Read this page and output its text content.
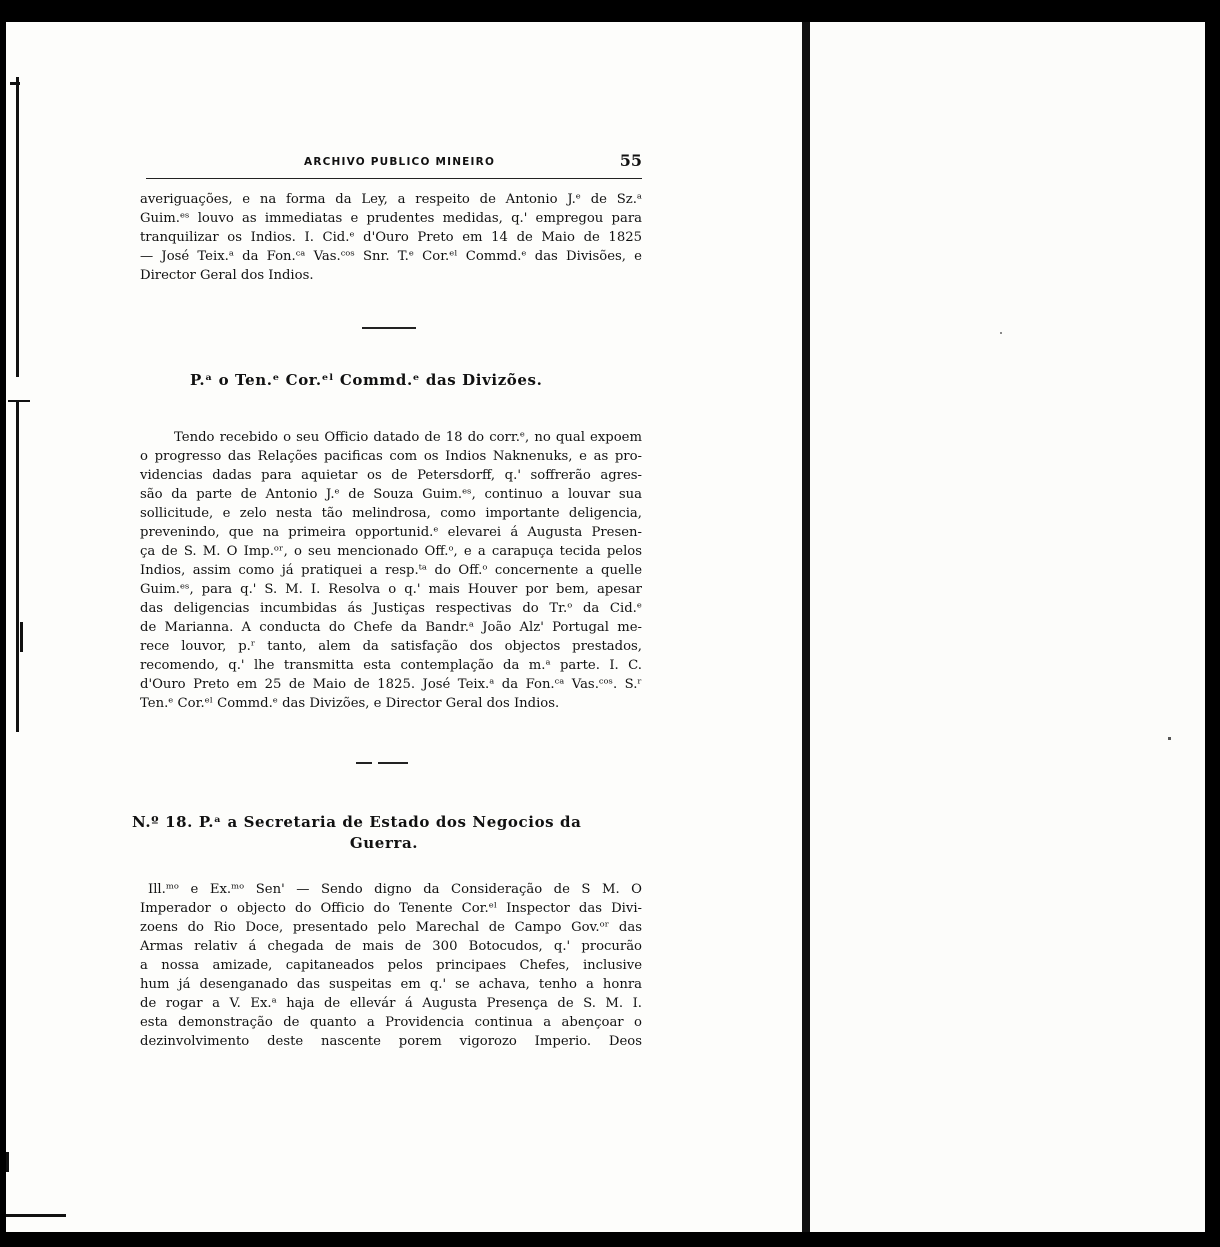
ARCHIVO PUBLICO MINEIRO	55

averiguações, e na forma da Ley, a respeito de Antonio J.ᵉ de Sz.ᵃ
Guim.ᵉˢ louvo as immediatas e prudentes medidas, q.' empregou para
tranquilizar os Indios. I. Cid.ᵉ d'Ouro Preto em 14 de Maio de 1825
— José Teix.ᵃ da Fon.ᶜᵃ Vas.ᶜᵒˢ Snr. T.ᵉ Cor.ᵉˡ Commd.ᵉ das Divisões, e
Director Geral dos Indios.

P.ᵃ o Ten.ᵉ Cor.ᵉˡ Commd.ᵉ das Divizões.

Tendo recebido o seu Officio datado de 18 do corr.ᵉ, no qual expoem
o progresso das Relações pacificas com os Indios Naknenuks, e as pro-
videncias dadas para aquietar os de Petersdorff, q.' soffrerão agres-
são da parte de Antonio J.ᵉ de Souza Guim.ᵉˢ, continuo a louvar sua
sollicitude, e zelo nesta tão melindrosa, como importante deligencia,
prevenindo, que na primeira opportunid.ᵉ elevarei á Augusta Presen-
ça de S. M. O Imp.ᵒʳ, o seu mencionado Off.ᵒ, e a carapuça tecida pelos
Indios, assim como já pratiquei a resp.ᵗᵃ do Off.ᵒ concernente a quelle
Guim.ᵉˢ, para q.' S. M. I. Resolva o q.' mais Houver por bem, apesar
das deligencias incumbidas ás Justiças respectivas do Tr.ᵒ da Cid.ᵉ
de Marianna. A conducta do Chefe da Bandr.ᵃ João Alz' Portugal me-
rece louvor, p.ʳ tanto, alem da satisfação dos objectos prestados,
recomendo, q.' lhe transmitta esta contemplação da m.ᵃ parte. I. C.
d'Ouro Preto em 25 de Maio de 1825. José Teix.ᵃ da Fon.ᶜᵃ Vas.ᶜᵒˢ. S.ʳ
Ten.ᵉ Cor.ᵉˡ Commd.ᵉ das Divizões, e Director Geral dos Indios.

N.º 18. P.ᵃ a Secretaria de Estado dos Negocios da
Guerra.

Ill.ᵐᵒ e Ex.ᵐᵒ Sen' — Sendo digno da Consideração de S M. O
Imperador o objecto do Officio do Tenente Cor.ᵉˡ Inspector das Divi-
zoens do Rio Doce, presentado pelo Marechal de Campo Gov.ᵒʳ das
Armas relativ á chegada de mais de 300 Botocudos, q.' procurão
a nossa amizade, capitaneados pelos principaes Chefes, inclusive
hum já desenganado das suspeitas em q.' se achava, tenho a honra
de rogar a V. Ex.ᵃ haja de ellevár á Augusta Presença de S. M. I.
esta demonstração de quanto a Providencia continua a abençoar o
dezinvolvimento deste nascente porem vigorozo Imperio. Deos
